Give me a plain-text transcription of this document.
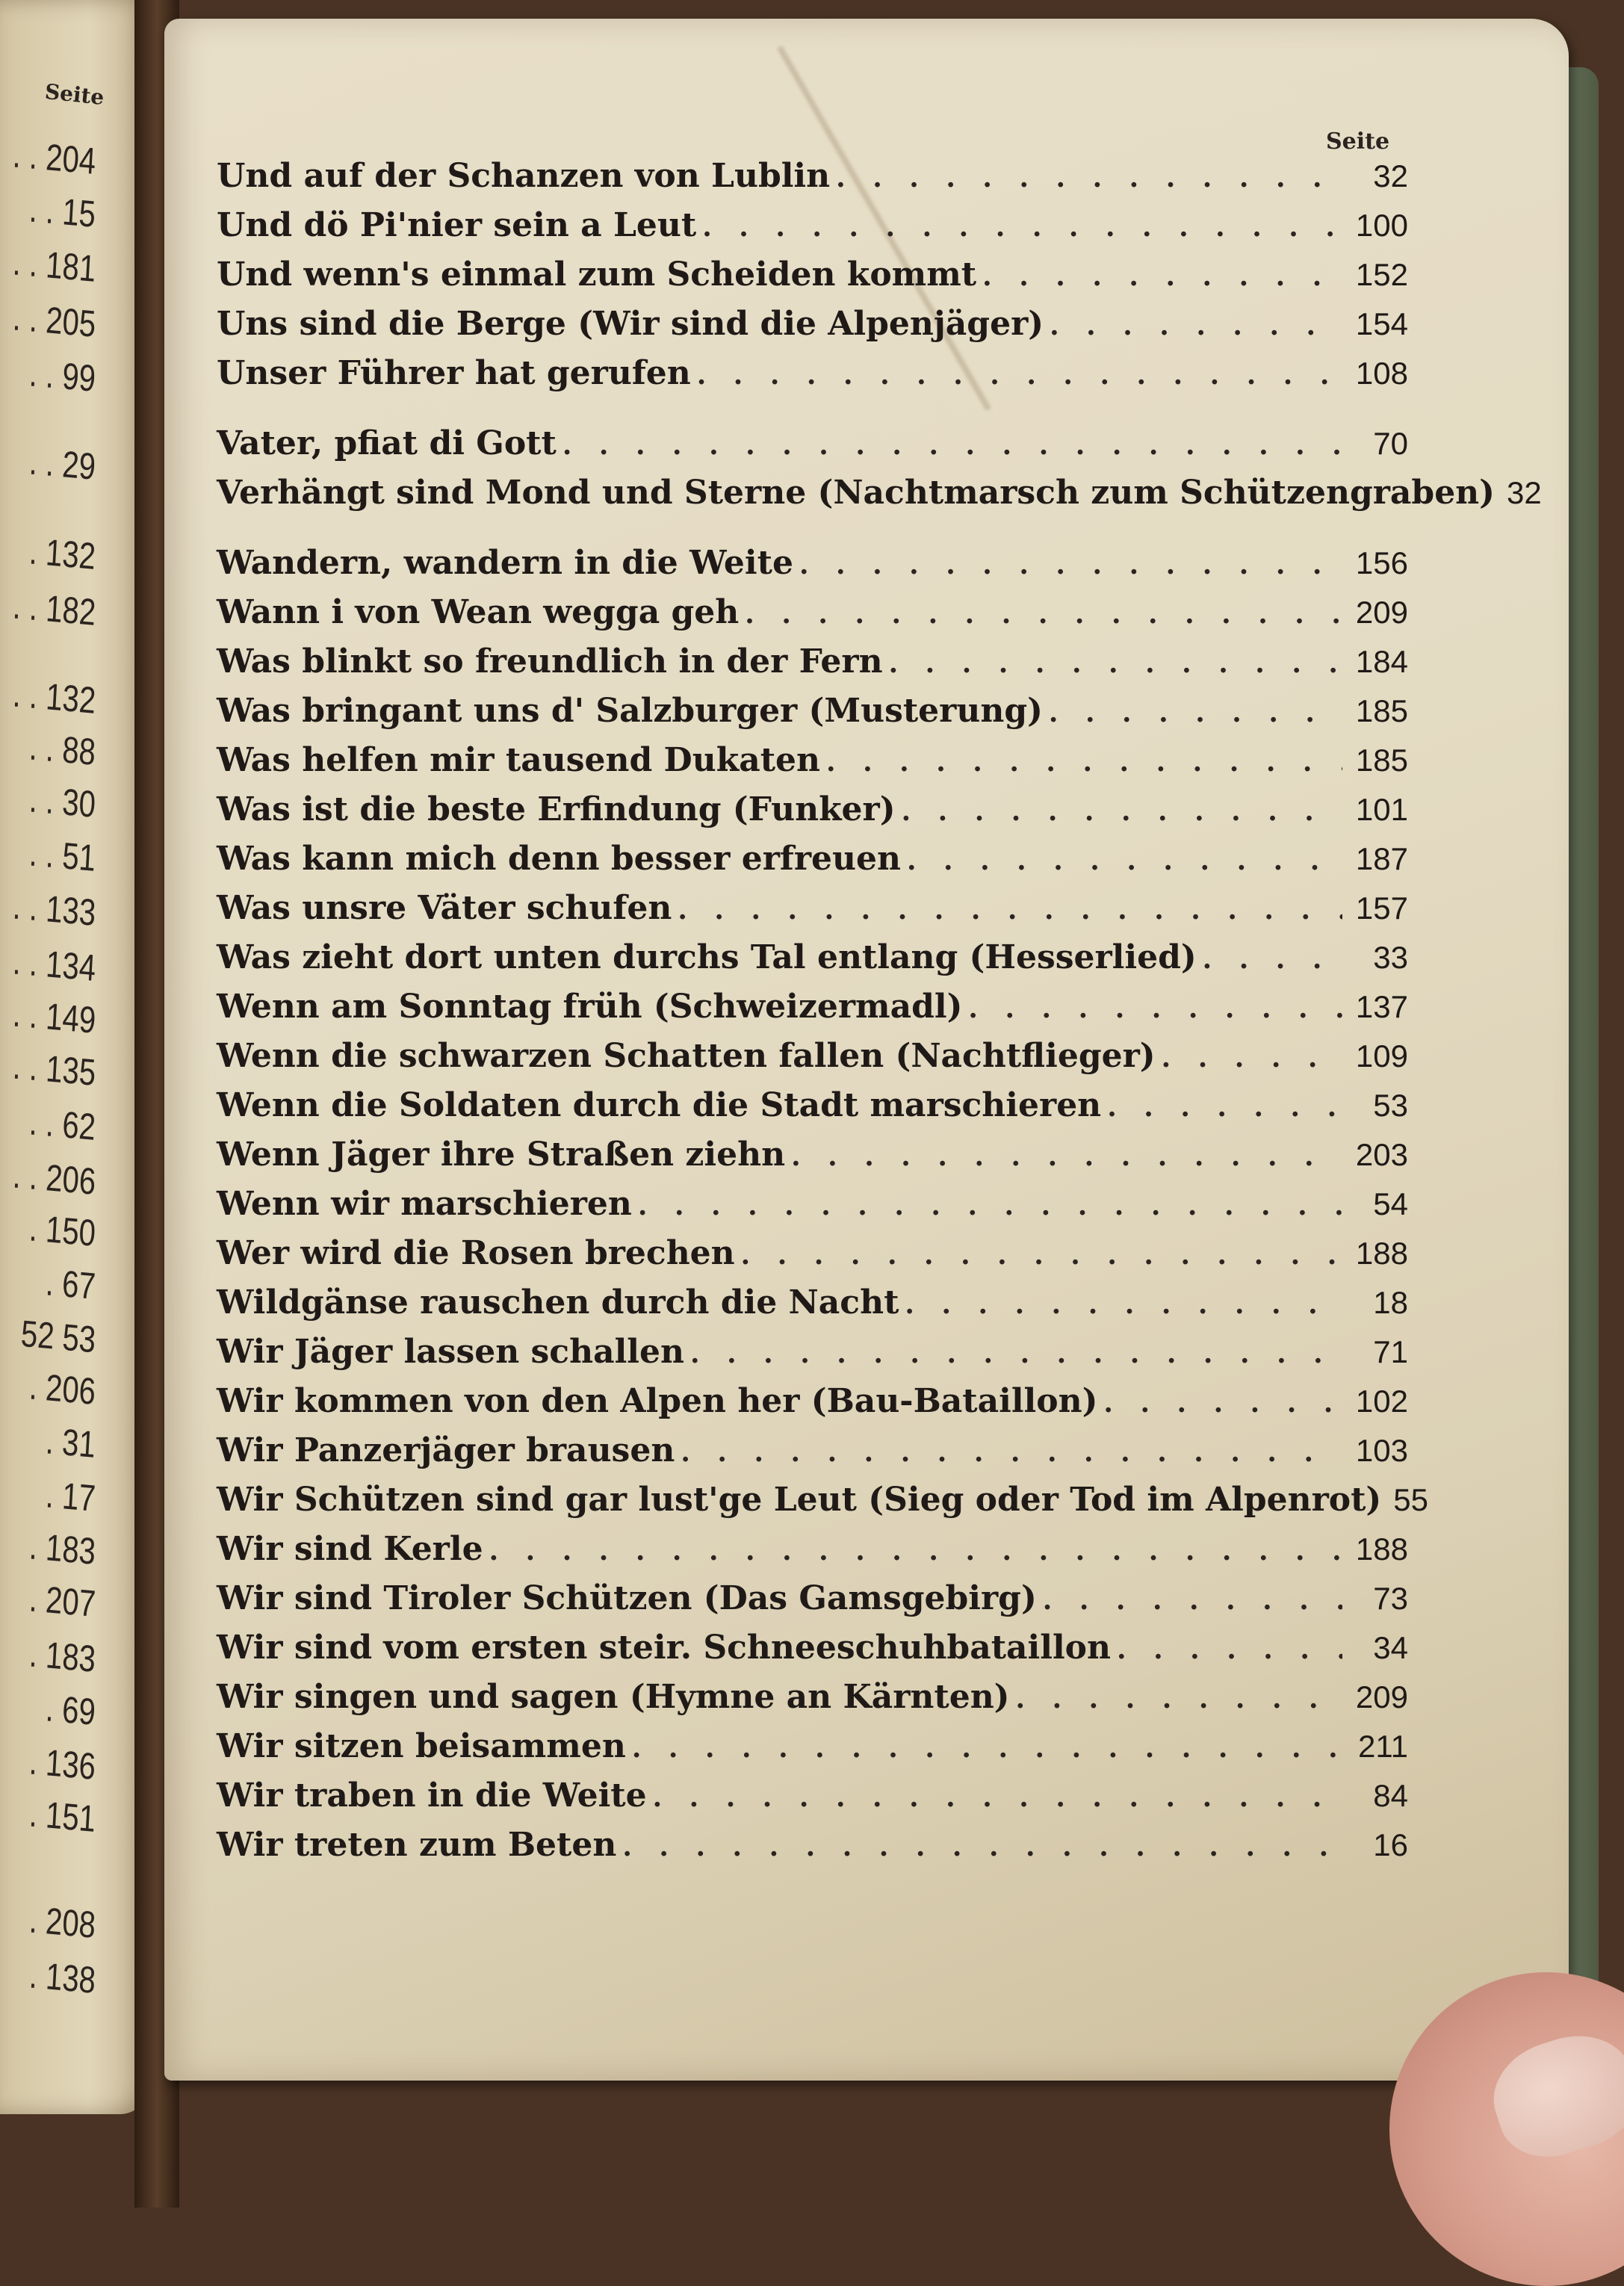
Seite
. . 204
. . 15
. . 181
. . 205
. . 99
. . 29
. 132
. . 182
. . 132
. . 88
. . 30
. . 51
. . 133
. . 134
. . 149
. . 135
. . 62
. . 206
. 150
. 67
52 53
. 206
. 31
. 17
. 183
. 207
. 183
. 69
. 136
. 151
. 208
. 138
Seite
Und auf der Schanzen von Lublin . . .	32
Und dö Pi'nier sein a Leut . . .	100
Und wenn's einmal zum Scheiden kommt . . .	152
Uns sind die Berge (Wir sind die Alpenjäger) . . .	154
Unser Führer hat gerufen . . .	108
Vater, pfiat di Gott . . .	70
Verhängt sind Mond und Sterne (Nachtmarsch zum Schützengraben) 32
Wandern, wandern in die Weite . . .	156
Wann i von Wean wegga geh . . .	209
Was blinkt so freundlich in der Fern . . .	184
Was bringant uns d' Salzburger (Musterung) . . .	185
Was helfen mir tausend Dukaten . . .	185
Was ist die beste Erfindung (Funker) . . .	101
Was kann mich denn besser erfreuen . . .	187
Was unsre Väter schufen . . .	157
Was zieht dort unten durchs Tal entlang (Hesserlied) . . .	33
Wenn am Sonntag früh (Schweizermadl) . . .	137
Wenn die schwarzen Schatten fallen (Nachtflieger) . . .	109
Wenn die Soldaten durch die Stadt marschieren . . .	53
Wenn Jäger ihre Straßen ziehn . . .	203
Wenn wir marschieren . . .	54
Wer wird die Rosen brechen . . .	188
Wildgänse rauschen durch die Nacht . . .	18
Wir Jäger lassen schallen . . .	71
Wir kommen von den Alpen her (Bau-Bataillon) . . .	102
Wir Panzerjäger brausen . . .	103
Wir Schützen sind gar lust'ge Leut (Sieg oder Tod im Alpenrot) 55
Wir sind Kerle . . .	188
Wir sind Tiroler Schützen (Das Gamsgebirg) . . .	73
Wir sind vom ersten steir. Schneeschuhbataillon . . .	34
Wir singen und sagen (Hymne an Kärnten) . . .	209
Wir sitzen beisammen . . .	211
Wir traben in die Weite . . .	84
Wir treten zum Beten . . .	16
